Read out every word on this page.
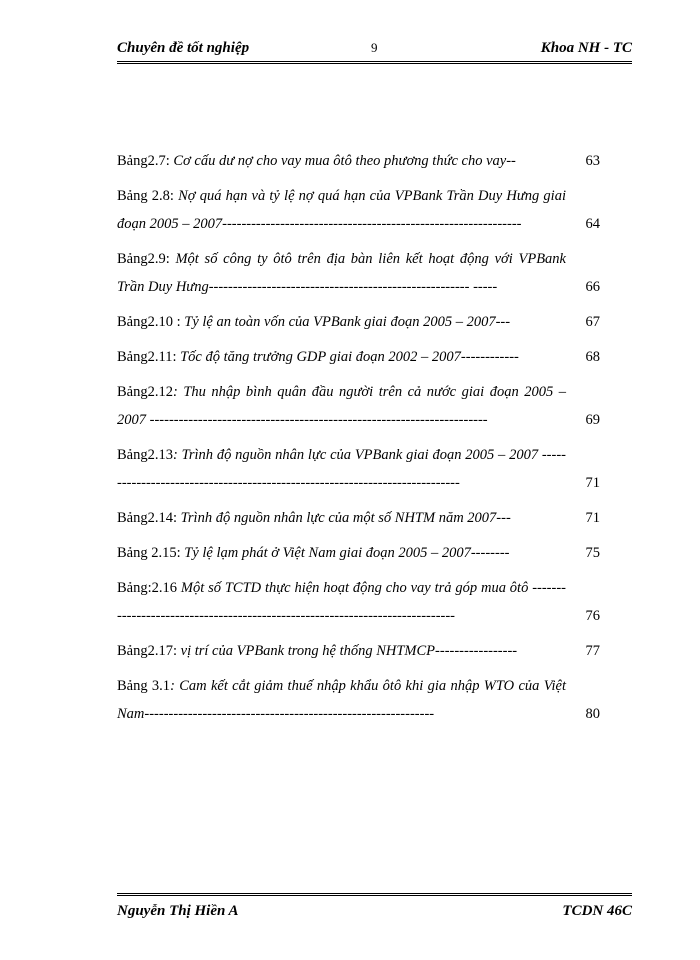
Chuyên đề tốt nghiệp	9	Khoa NH - TC
Bảng2.7: Cơ cấu dư nợ cho vay mua ôtô theo phương thức cho vay--	63
Bảng 2.8: Nợ quá hạn và tỷ lệ nợ quá hạn của VPBank Trần Duy Hưng giai đoạn 2005 – 2007--------------------------------------------------------------	64
Bảng2.9: Một số công ty ôtô trên địa bàn liên kết hoạt động với VPBank Trần Duy Hưng------------------------------------------------------ -----	66
Bảng2.10 : Tỷ lệ an toàn vốn của VPBank giai đoạn 2005 – 2007---	67
Bảng2.11: Tốc độ tăng trưởng GDP giai đoạn 2002 – 2007------------	68
Bảng2.12: Thu nhập bình quân đầu người trên cả nước giai đoạn 2005 – 2007 ----------------------------------------------------------------------	69
Bảng2.13: Trình độ nguồn nhân lực của VPBank giai đoạn 2005 – 2007 ----------------------------------------------------------------------------	71
Bảng2.14: Trình độ nguồn nhân lực của một số NHTM năm 2007---	71
Bảng 2.15: Tỷ lệ lạm phát ở Việt Nam giai đoạn 2005 – 2007--------	75
Bảng:2.16 Một số TCTD thực hiện hoạt động cho vay trả góp mua ôtô -----------------------------------------------------------------------------	76
Bảng2.17: vị trí của VPBank trong hệ thống NHTMCP-----------------	77
Bảng 3.1: Cam kết cắt giảm thuế nhập khẩu ôtô khi gia nhập WTO của Việt Nam------------------------------------------------------------	80
Nguyễn Thị Hiền A	TCDN 46C
